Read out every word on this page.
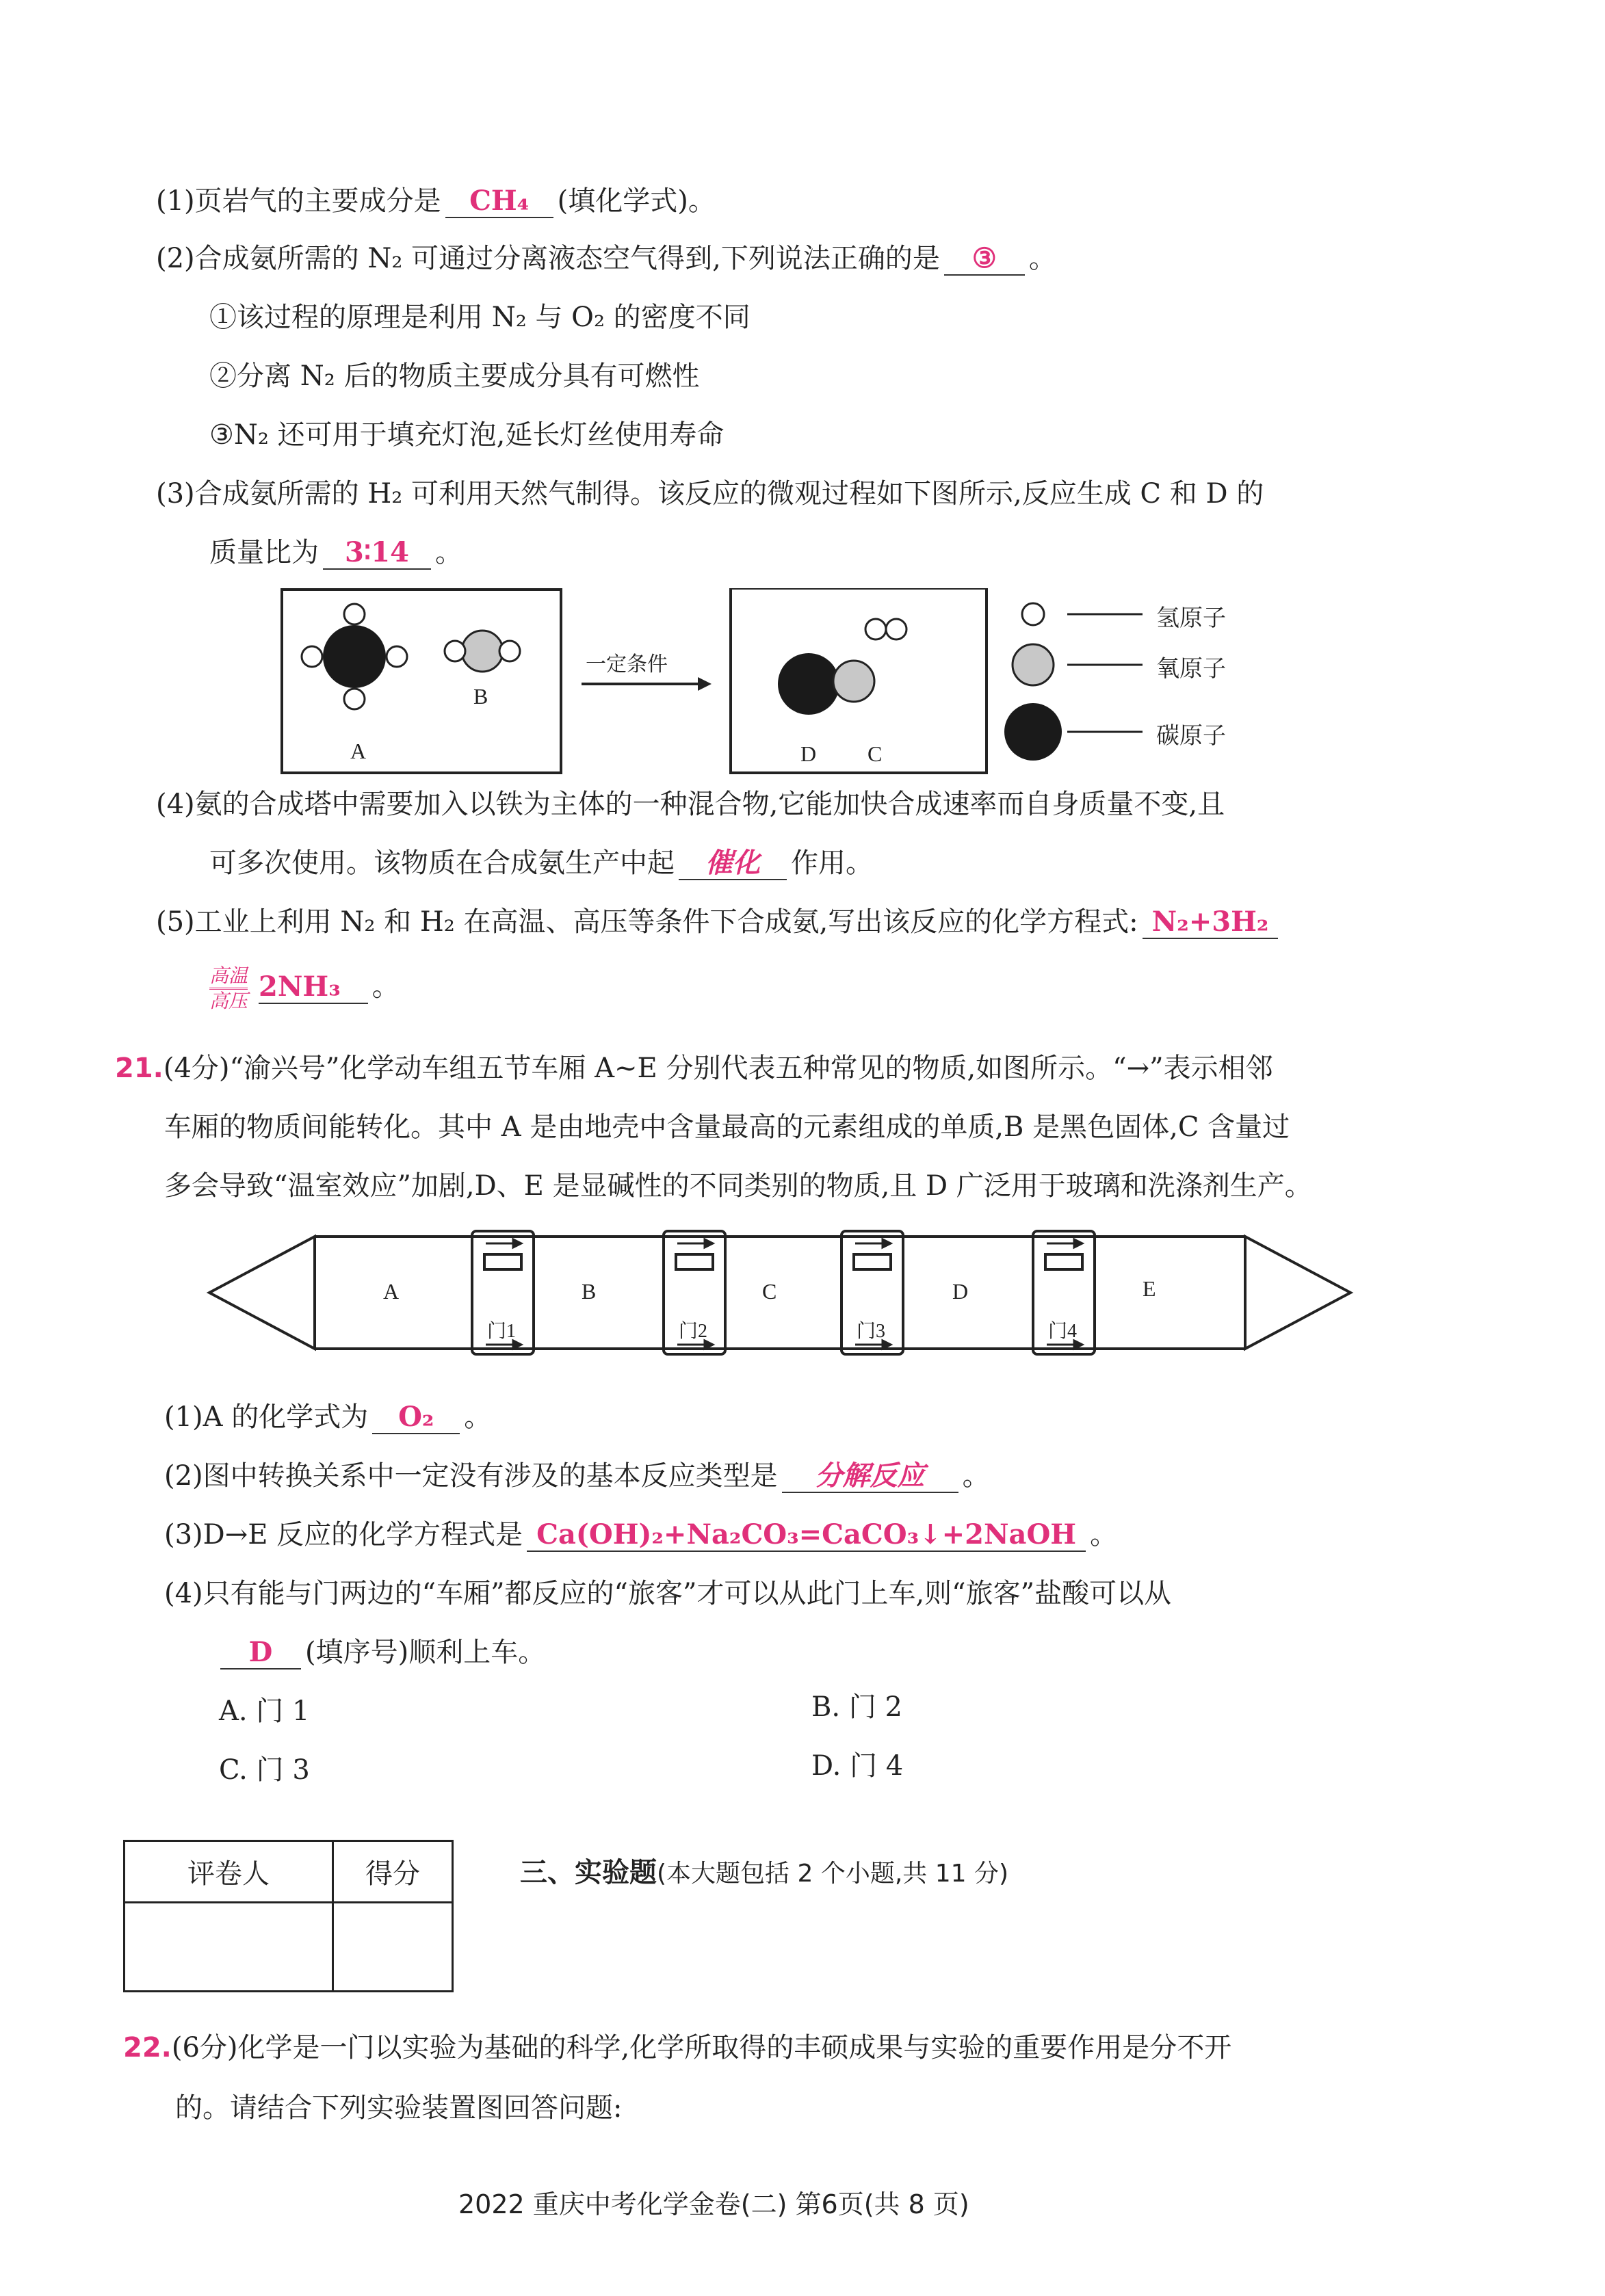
(1)页岩气的主要成分是 CH₄ (填化学式)。
(2)合成氨所需的 N₂ 可通过分离液态空气得到,下列说法正确的是 ③ 。
①该过程的原理是利用 N₂ 与 O₂ 的密度不同
②分离 N₂ 后的物质主要成分具有可燃性
③N₂ 还可用于填充灯泡,延长灯丝使用寿命
(3)合成氨所需的 H₂ 可利用天然气制得。该反应的微观过程如下图所示,反应生成 C 和 D 的
质量比为 3∶14 。
A
B
一定条件
D C
氢原子
氧原子
碳原子
(4)氨的合成塔中需要加入以铁为主体的一种混合物,它能加快合成速率而自身质量不变,且
可多次使用。该物质在合成氨生产中起 催化 作用。
(5)工业上利用 N₂ 和 H₂ 在高温、高压等条件下合成氨,写出该反应的化学方程式: N₂+3H₂
高温
高压 2NH₃ 。
21.(4分)“渝兴号”化学动车组五节车厢 A~E 分别代表五种常见的物质,如图所示。“→”表示相邻
车厢的物质间能转化。其中 A 是由地壳中含量最高的元素组成的单质,B 是黑色固体,C 含量过
多会导致“温室效应”加剧,D、E 是显碱性的不同类别的物质,且 D 广泛用于玻璃和洗涤剂生产。
A	B	C	D	E
门1	门2	门3	门4
(1)A 的化学式为 O₂ 。
(2)图中转换关系中一定没有涉及的基本反应类型是 分解反应 。
(3)D→E 反应的化学方程式是 Ca(OH)₂+Na₂CO₃=CaCO₃↓+2NaOH 。
(4)只有能与门两边的“车厢”都反应的“旅客”才可以从此门上车,则“旅客”盐酸可以从
D (填序号)顺利上车。
A. 门 1	B. 门 2
C. 门 3	D. 门 4
评卷人	得分
		三、实验题(本大题包括 2 个小题,共 11 分)
22.(6分)化学是一门以实验为基础的科学,化学所取得的丰硕成果与实验的重要作用是分不开
的。请结合下列实验装置图回答问题:
2022 重庆中考化学金卷(二) 第6页(共 8 页)
